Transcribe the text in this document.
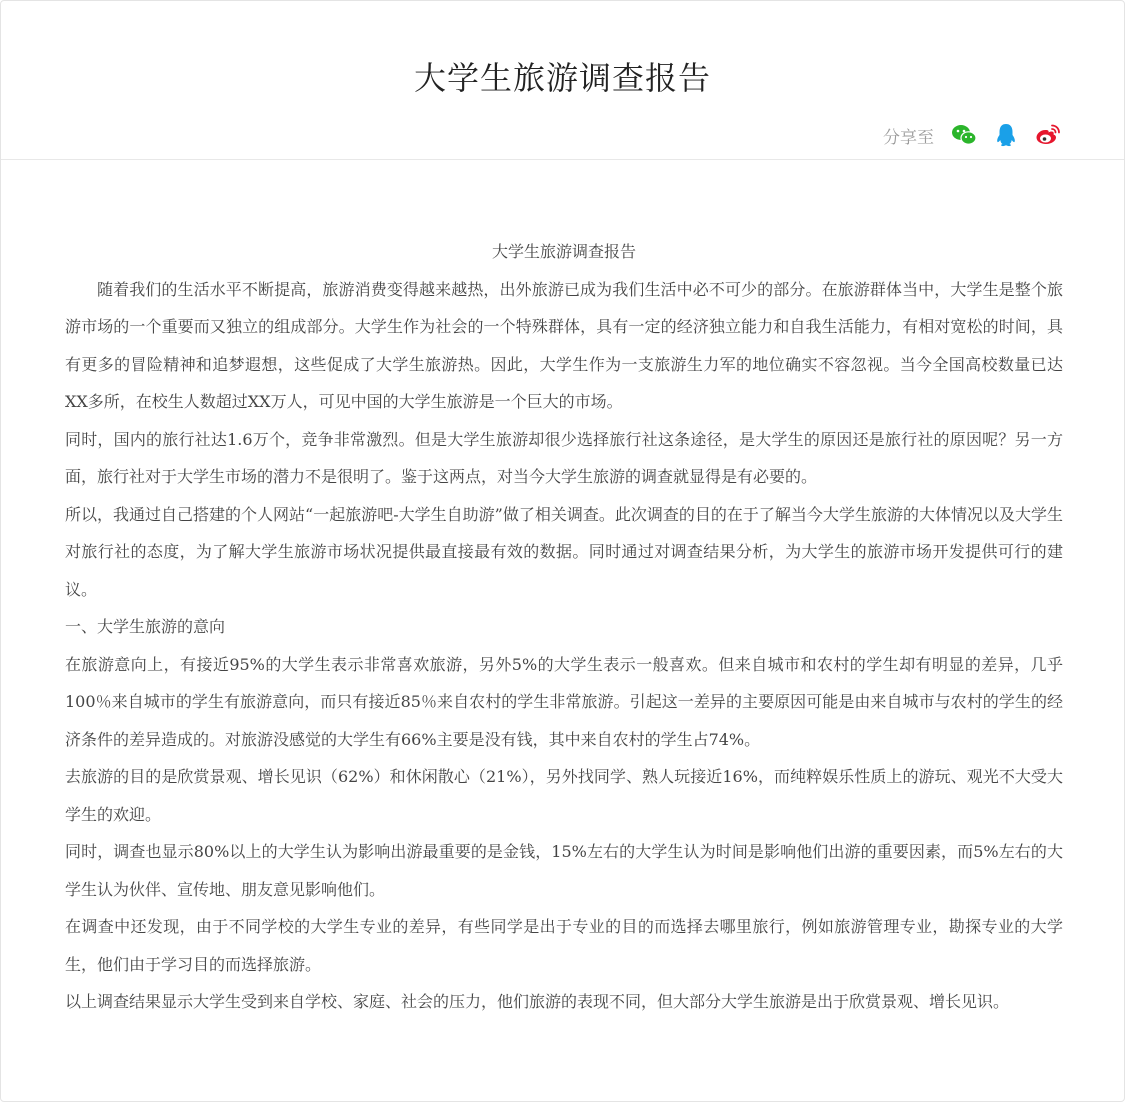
大学生旅游调查报告
分享至

大学生旅游调查报告

随着我们的生活水平不断提高，旅游消费变得越来越热，出外旅游已成为我们生活中必不可少的部分。在旅游群体当中，大学生是整个旅游市场的一个重要而又独立的组成部分。大学生作为社会的一个特殊群体，具有一定的经济独立能力和自我生活能力，有相对宽松的时间，具有更多的冒险精神和追梦遐想，这些促成了大学生旅游热。因此，大学生作为一支旅游生力军的地位确实不容忽视。当今全国高校数量已达XX多所，在校生人数超过XX万人，可见中国的大学生旅游是一个巨大的市场。

同时，国内的旅行社达1.6万个，竞争非常激烈。但是大学生旅游却很少选择旅行社这条途径，是大学生的原因还是旅行社的原因呢？另一方面，旅行社对于大学生市场的潜力不是很明了。鉴于这两点，对当今大学生旅游的调查就显得是有必要的。

所以，我通过自己搭建的个人网站“一起旅游吧-大学生自助游”做了相关调查。此次调查的目的在于了解当今大学生旅游的大体情况以及大学生对旅行社的态度，为了解大学生旅游市场状况提供最直接最有效的数据。同时通过对调查结果分析，为大学生的旅游市场开发提供可行的建议。

一、大学生旅游的意向

在旅游意向上，有接近95%的大学生表示非常喜欢旅游，另外5%的大学生表示一般喜欢。但来自城市和农村的学生却有明显的差异，几乎100％来自城市的学生有旅游意向，而只有接近85％来自农村的学生非常旅游。引起这一差异的主要原因可能是由来自城市与农村的学生的经济条件的差异造成的。对旅游没感觉的大学生有66%主要是没有钱，其中来自农村的学生占74%。

去旅游的目的是欣赏景观、增长见识（62%）和休闲散心（21%），另外找同学、熟人玩接近16%，而纯粹娱乐性质上的游玩、观光不大受大学生的欢迎。

同时，调查也显示80%以上的大学生认为影响出游最重要的是金钱，15%左右的大学生认为时间是影响他们出游的重要因素，而5%左右的大学生认为伙伴、宣传地、朋友意见影响他们。

在调查中还发现，由于不同学校的大学生专业的差异，有些同学是出于专业的目的而选择去哪里旅行，例如旅游管理专业，勘探专业的大学生，他们由于学习目的而选择旅游。

以上调查结果显示大学生受到来自学校、家庭、社会的压力，他们旅游的表现不同，但大部分大学生旅游是出于欣赏景观、增长见识。
